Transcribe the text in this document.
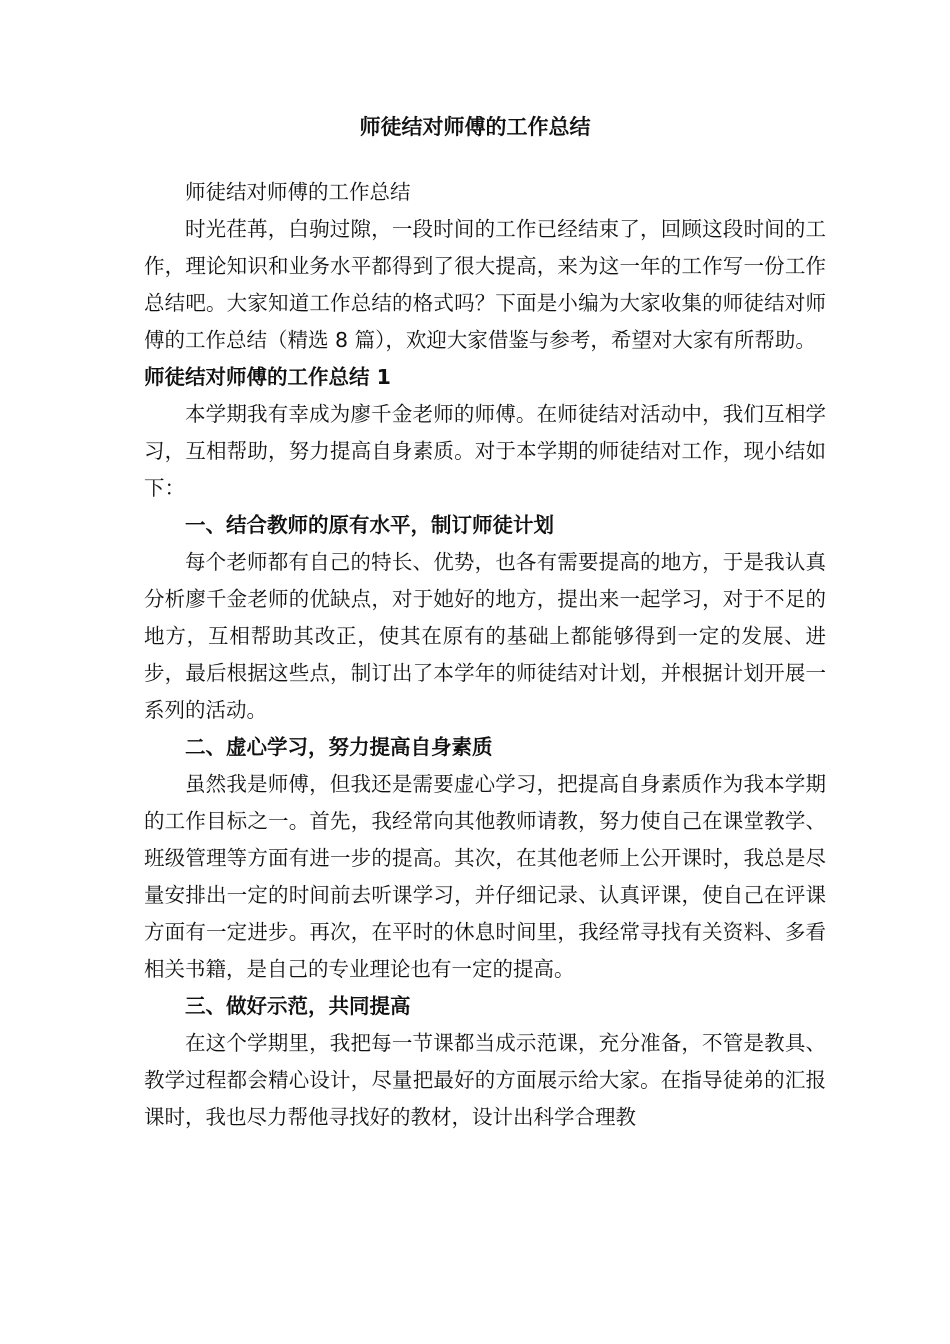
师徒结对师傅的工作总结

师徒结对师傅的工作总结

时光荏苒，白驹过隙，一段时间的工作已经结束了，回顾这段时间的工作，理论知识和业务水平都得到了很大提高，来为这一年的工作写一份工作总结吧。大家知道工作总结的格式吗？下面是小编为大家收集的师徒结对师傅的工作总结（精选 8 篇），欢迎大家借鉴与参考，希望对大家有所帮助。

师徒结对师傅的工作总结 1

本学期我有幸成为廖千金老师的师傅。在师徒结对活动中，我们互相学习，互相帮助，努力提高自身素质。对于本学期的师徒结对工作，现小结如下：

一、结合教师的原有水平，制订师徒计划

每个老师都有自己的特长、优势，也各有需要提高的地方，于是我认真分析廖千金老师的优缺点，对于她好的地方，提出来一起学习，对于不足的地方，互相帮助其改正，使其在原有的基础上都能够得到一定的发展、进步，最后根据这些点，制订出了本学年的师徒结对计划，并根据计划开展一系列的活动。

二、虚心学习，努力提高自身素质

虽然我是师傅，但我还是需要虚心学习，把提高自身素质作为我本学期的工作目标之一。首先，我经常向其他教师请教，努力使自己在课堂教学、班级管理等方面有进一步的提高。其次，在其他老师上公开课时，我总是尽量安排出一定的时间前去听课学习，并仔细记录、认真评课，使自己在评课方面有一定进步。再次，在平时的休息时间里，我经常寻找有关资料、多看相关书籍，是自己的专业理论也有一定的提高。

三、做好示范，共同提高

在这个学期里，我把每一节课都当成示范课，充分准备，不管是教具、教学过程都会精心设计，尽量把最好的方面展示给大家。在指导徒弟的汇报课时，我也尽力帮他寻找好的教材，设计出科学合理教
